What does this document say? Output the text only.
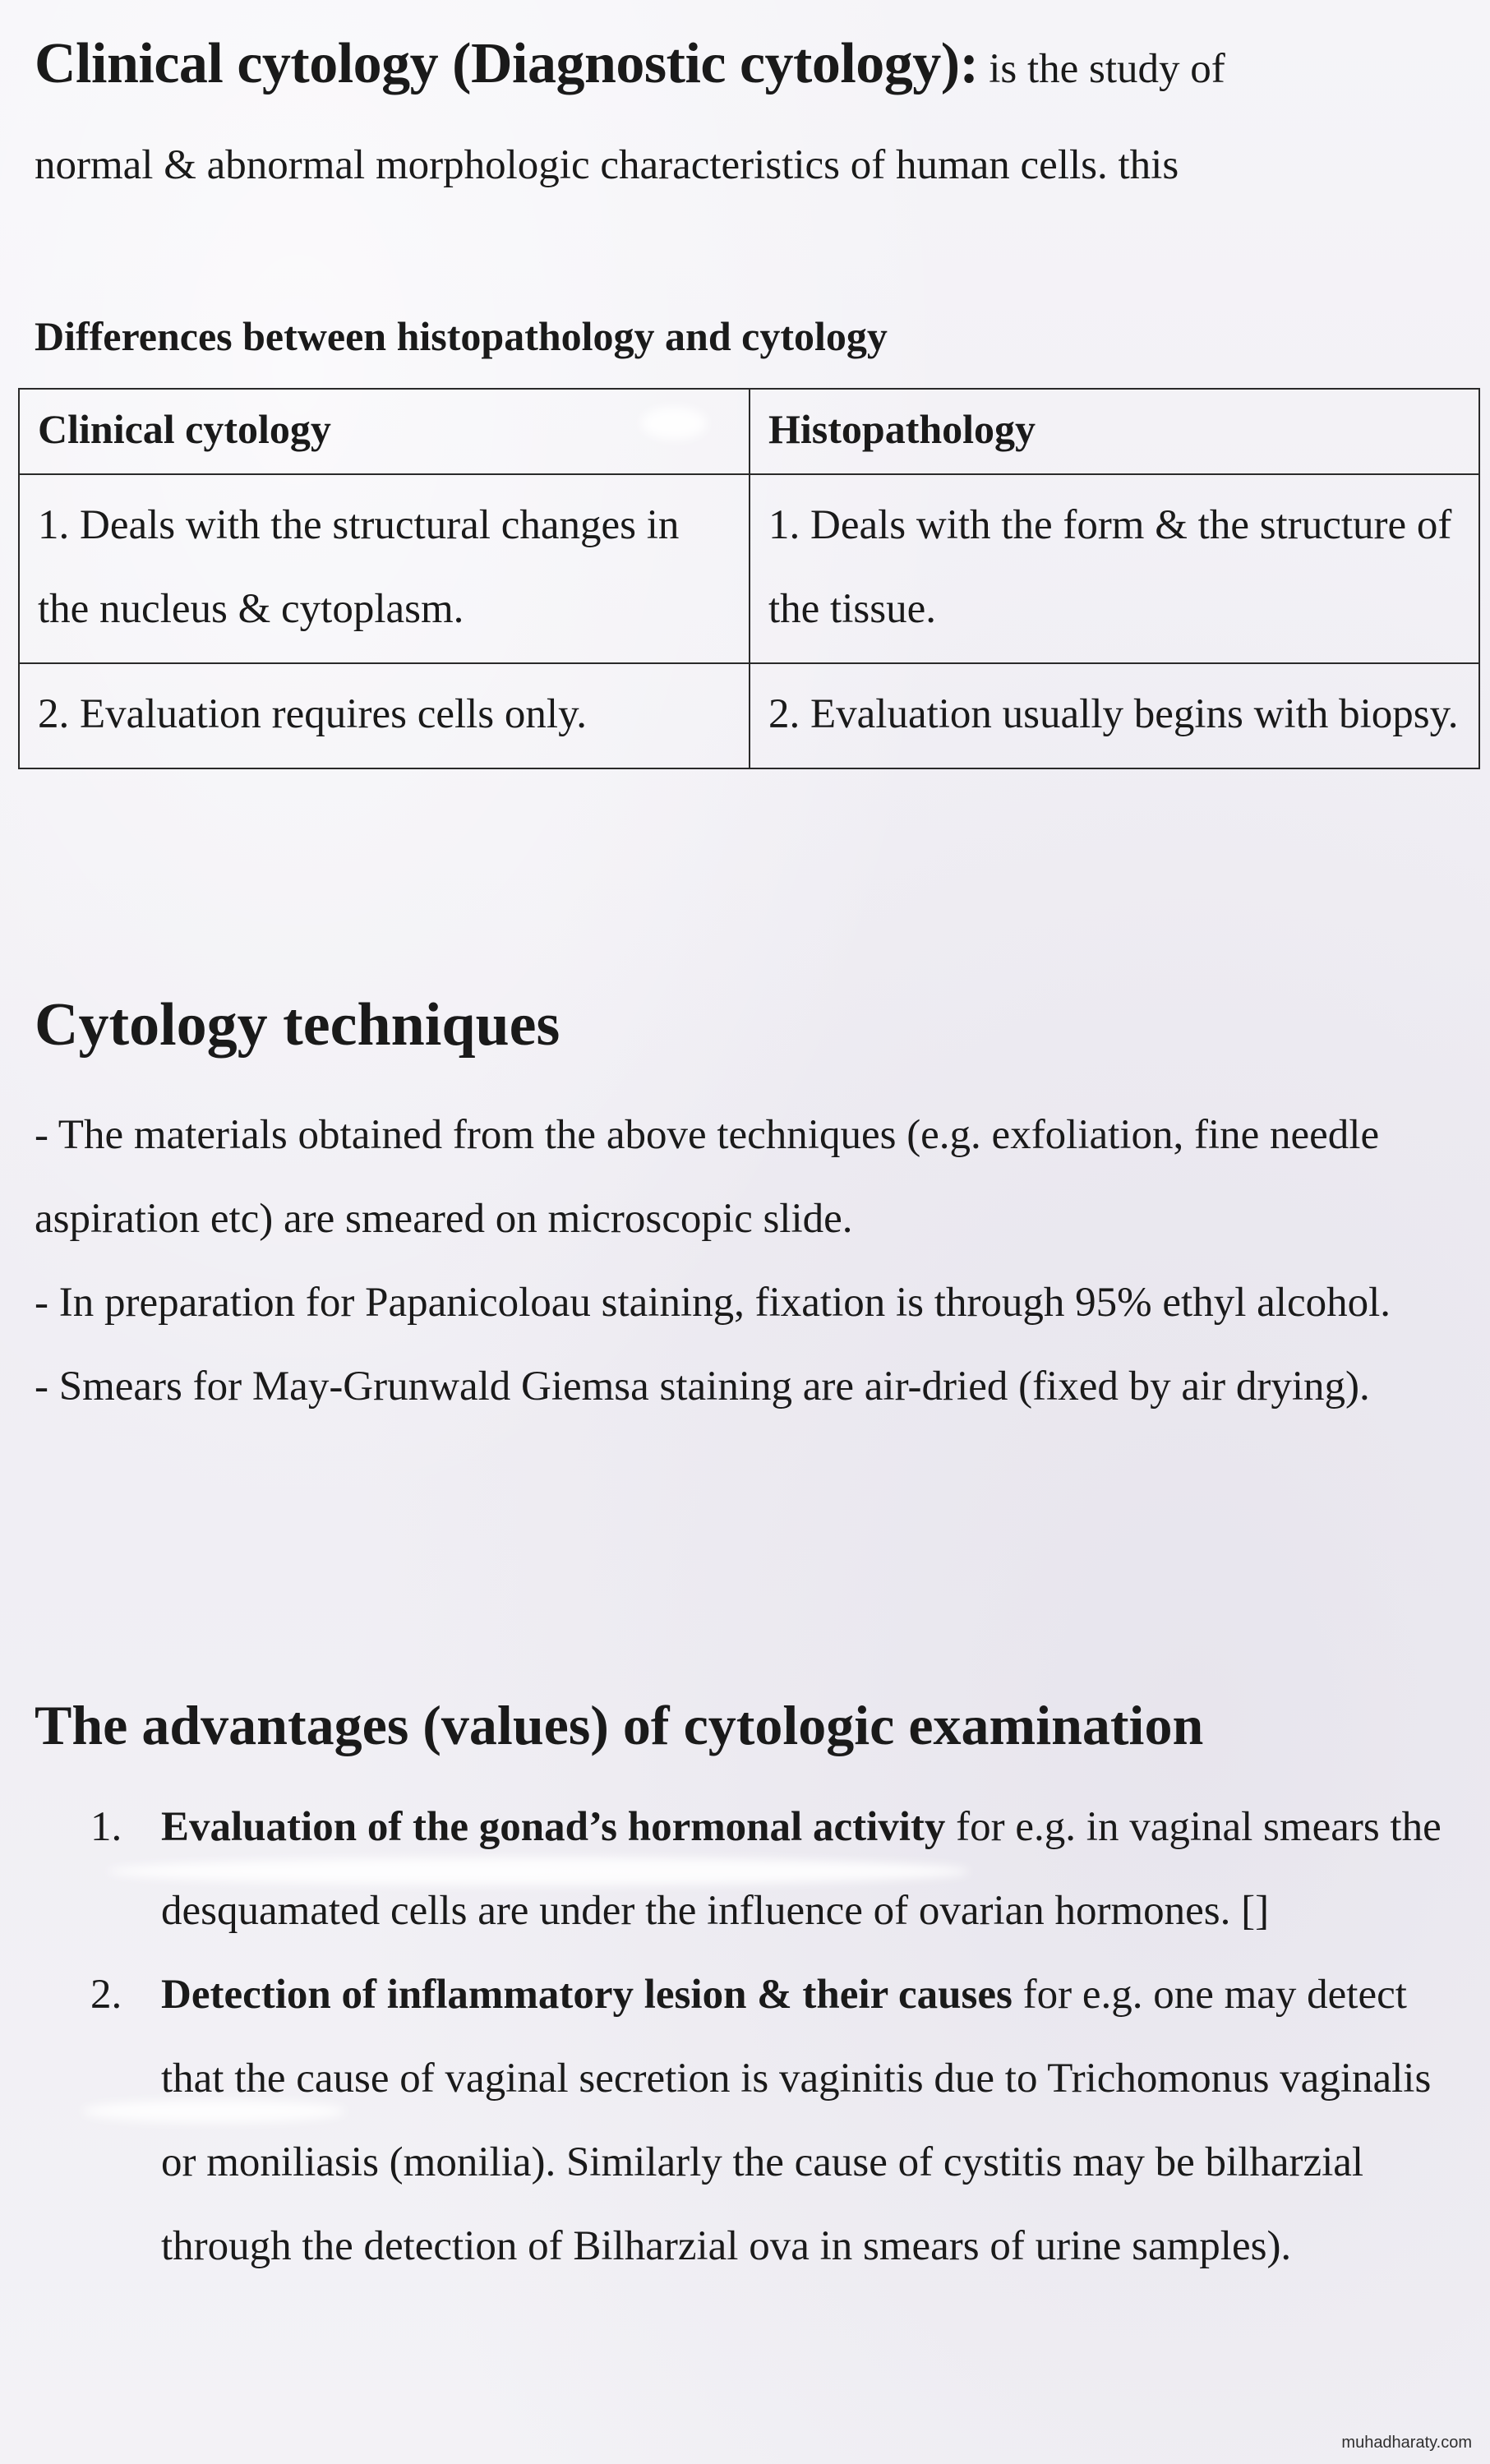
Clinical cytology (Diagnostic cytology): is the study of
normal & abnormal morphologic characteristics of human cells. this
Differences between histopathology and cytology
Clinical cytology	Histopathology

1. Deals with the structural changes in the nucleus & cytoplasm.	1. Deals with the form & the structure of the tissue.

2. Evaluation requires cells only.	2. Evaluation usually begins with biopsy.
Cytology techniques

- The materials obtained from the above techniques (e.g. exfoliation, fine needle aspiration etc) are smeared on microscopic slide.

- In preparation for Papanicoloau staining, fixation is through 95% ethyl alcohol.

- Smears for May-Grunwald Giemsa staining are air-dried (fixed by air drying).

The advantages (values) of cytologic examination

1. Evaluation of the gonad’s hormonal activity for e.g. in vaginal smears the desquamated cells are under the influence of ovarian hormones. []

2. Detection of inflammatory lesion & their causes for e.g. one may detect that the cause of vaginal secretion is vaginitis due to Trichomonus vaginalis or moniliasis (monilia). Similarly the cause of cystitis may be bilharzial through the detection of Bilharzial ova in smears of urine samples).

muhadharaty.com
